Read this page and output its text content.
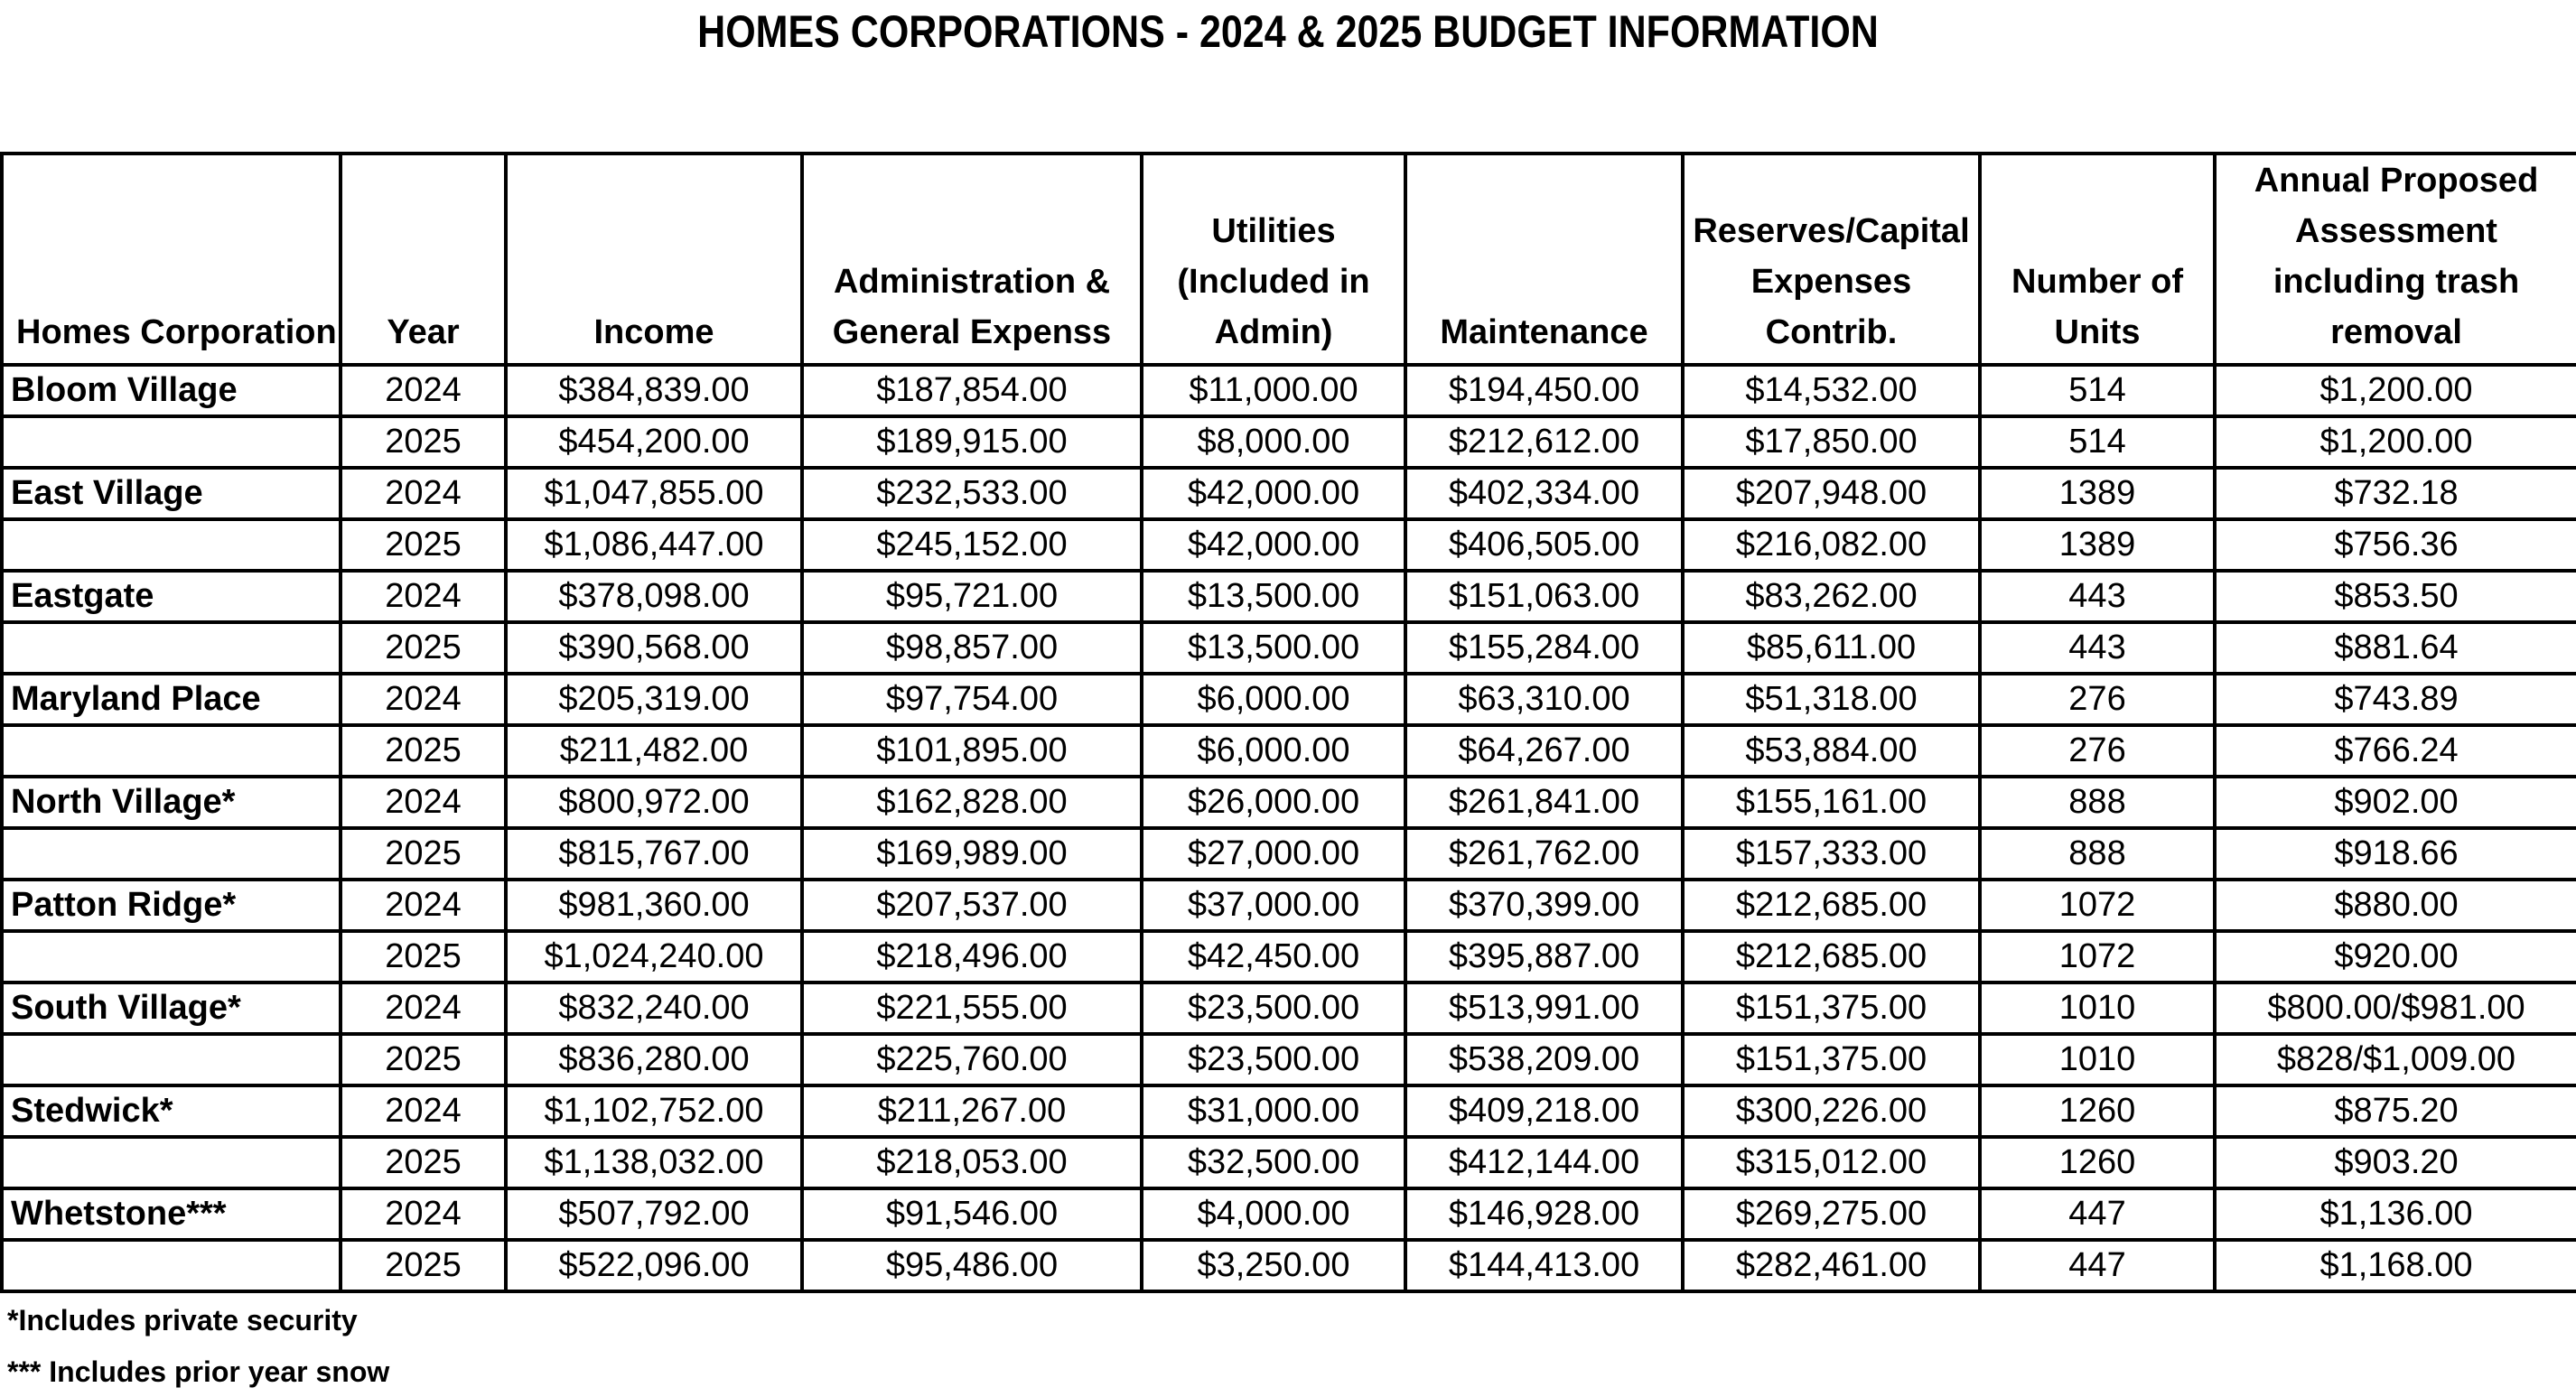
HOMES CORPORATIONS - 2024 & 2025 BUDGET INFORMATION
Homes Corporation	Year	Income	Administration & General Expenss	Utilities (Included in Admin)	Maintenance	Reserves/Capital Expenses Contrib.	Number of Units	Annual Proposed Assessment including trash removal
Bloom Village	2024	$384,839.00	$187,854.00	$11,000.00	$194,450.00	$14,532.00	514	$1,200.00
	2025	$454,200.00	$189,915.00	$8,000.00	$212,612.00	$17,850.00	514	$1,200.00
East Village	2024	$1,047,855.00	$232,533.00	$42,000.00	$402,334.00	$207,948.00	1389	$732.18
	2025	$1,086,447.00	$245,152.00	$42,000.00	$406,505.00	$216,082.00	1389	$756.36
Eastgate	2024	$378,098.00	$95,721.00	$13,500.00	$151,063.00	$83,262.00	443	$853.50
	2025	$390,568.00	$98,857.00	$13,500.00	$155,284.00	$85,611.00	443	$881.64
Maryland Place	2024	$205,319.00	$97,754.00	$6,000.00	$63,310.00	$51,318.00	276	$743.89
	2025	$211,482.00	$101,895.00	$6,000.00	$64,267.00	$53,884.00	276	$766.24
North Village*	2024	$800,972.00	$162,828.00	$26,000.00	$261,841.00	$155,161.00	888	$902.00
	2025	$815,767.00	$169,989.00	$27,000.00	$261,762.00	$157,333.00	888	$918.66
Patton Ridge*	2024	$981,360.00	$207,537.00	$37,000.00	$370,399.00	$212,685.00	1072	$880.00
	2025	$1,024,240.00	$218,496.00	$42,450.00	$395,887.00	$212,685.00	1072	$920.00
South Village*	2024	$832,240.00	$221,555.00	$23,500.00	$513,991.00	$151,375.00	1010	$800.00/$981.00
	2025	$836,280.00	$225,760.00	$23,500.00	$538,209.00	$151,375.00	1010	$828/$1,009.00
Stedwick*	2024	$1,102,752.00	$211,267.00	$31,000.00	$409,218.00	$300,226.00	1260	$875.20
	2025	$1,138,032.00	$218,053.00	$32,500.00	$412,144.00	$315,012.00	1260	$903.20
Whetstone***	2024	$507,792.00	$91,546.00	$4,000.00	$146,928.00	$269,275.00	447	$1,136.00
	2025	$522,096.00	$95,486.00	$3,250.00	$144,413.00	$282,461.00	447	$1,168.00
*Includes private security
*** Includes prior year snow
